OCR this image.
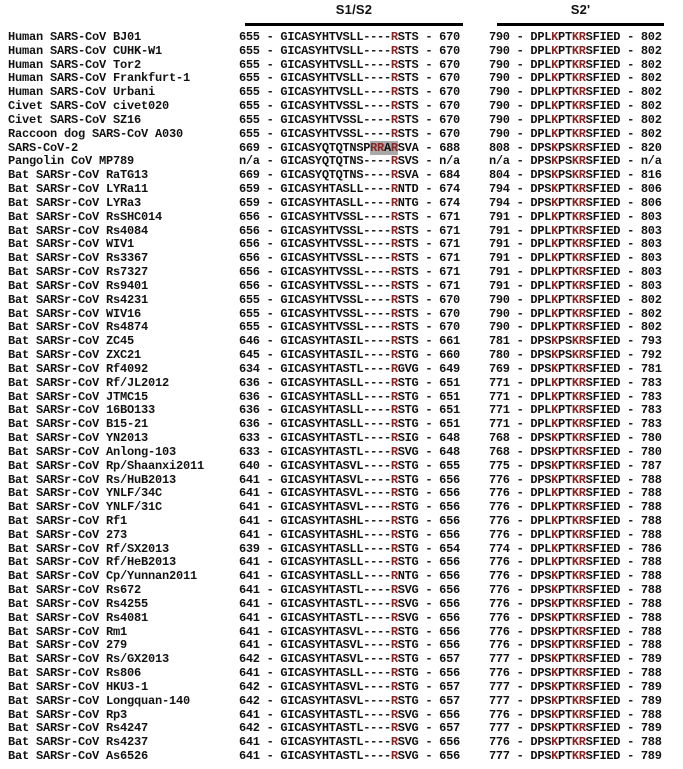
S1/S2	S2'
Human SARS-CoV BJ01	655 - GICASYHTVSLL----RSTS - 670	790 - DPLKPTKRSFIED - 802
Human SARS-CoV CUHK-W1	655 - GICASYHTVSLL----RSTS - 670	790 - DPLKPTKRSFIED - 802
Human SARS-CoV Tor2	655 - GICASYHTVSLL----RSTS - 670	790 - DPLKPTKRSFIED - 802
Human SARS-CoV Frankfurt-1	655 - GICASYHTVSLL----RSTS - 670	790 - DPLKPTKRSFIED - 802
Human SARS-CoV Urbani	655 - GICASYHTVSLL----RSTS - 670	790 - DPLKPTKRSFIED - 802
Civet SARS-CoV civet020	655 - GICASYHTVSSL----RSTS - 670	790 - DPLKPTKRSFIED - 802
Civet SARS-CoV SZ16	655 - GICASYHTVSSL----RSTS - 670	790 - DPLKPTKRSFIED - 802
Raccoon dog SARS-CoV A030	655 - GICASYHTVSSL----RSTS - 670	790 - DPLKPTKRSFIED - 802
SARS-CoV-2	669 - GICASYQTQTNSPRRARSVA - 688	808 - DPSKPSKRSFIED - 820
Pangolin CoV MP789	n/a - GICASYQTQTNS----RSVS - n/a	n/a - DPSKPSKRSFIED - n/a
Bat SARSr-CoV RaTG13	669 - GICASYQTQTNS----RSVA - 684	804 - DPSKPSKRSFIED - 816
Bat SARSr-CoV LYRa11	659 - GICASYHTASLL----RNTD - 674	794 - DPSKPTKRSFIED - 806
Bat SARSr-CoV LYRa3	659 - GICASYHTASLL----RNTG - 674	794 - DPSKPTKRSFIED - 806
Bat SARSr-CoV RsSHC014	656 - GICASYHTVSSL----RSTS - 671	791 - DPLKPTKRSFIED - 803
Bat SARSr-CoV Rs4084	656 - GICASYHTVSSL----RSTS - 671	791 - DPLKPTKRSFIED - 803
Bat SARSr-CoV WIV1	656 - GICASYHTVSSL----RSTS - 671	791 - DPLKPTKRSFIED - 803
Bat SARSr-CoV Rs3367	656 - GICASYHTVSSL----RSTS - 671	791 - DPLKPTKRSFIED - 803
Bat SARSr-CoV Rs7327	656 - GICASYHTVSSL----RSTS - 671	791 - DPLKPTKRSFIED - 803
Bat SARSr-CoV Rs9401	656 - GICASYHTVSSL----RSTS - 671	791 - DPLKPTKRSFIED - 803
Bat SARSr-CoV Rs4231	655 - GICASYHTVSSL----RSTS - 670	790 - DPLKPTKRSFIED - 802
Bat SARSr-CoV WIV16	655 - GICASYHTVSSL----RSTS - 670	790 - DPLKPTKRSFIED - 802
Bat SARSr-CoV Rs4874	655 - GICASYHTVSSL----RSTS - 670	790 - DPLKPTKRSFIED - 802
Bat SARSr-CoV ZC45	646 - GICASYHTASIL----RSTS - 661	781 - DPSKPSKRSFIED - 793
Bat SARSr-CoV ZXC21	645 - GICASYHTASIL----RSTG - 660	780 - DPSKPSKRSFIED - 792
Bat SARSr-CoV Rf4092	634 - GICASYHTASTL----RGVG - 649	769 - DPSKPTKRSFIED - 781
Bat SARSr-CoV Rf/JL2012	636 - GICASYHTASLL----RSTG - 651	771 - DPLKPTKRSFIED - 783
Bat SARSr-CoV JTMC15	636 - GICASYHTASLL----RSTG - 651	771 - DPLKPTKRSFIED - 783
Bat SARSr-CoV 16BO133	636 - GICASYHTASLL----RSTG - 651	771 - DPLKPTKRSFIED - 783
Bat SARSr-CoV B15-21	636 - GICASYHTASLL----RSTG - 651	771 - DPLKPTKRSFIED - 783
Bat SARSr-CoV YN2013	633 - GICASYHTASTL----RSIG - 648	768 - DPSKPTKRSFIED - 780
Bat SARSr-CoV Anlong-103	633 - GICASYHTASTL----RSVG - 648	768 - DPSKPTKRSFIED - 780
Bat SARSr-CoV Rp/Shaanxi2011	640 - GICASYHTASVL----RSTG - 655	775 - DPSKPTKRSFIED - 787
Bat SARSr-CoV Rs/HuB2013	641 - GICASYHTASVL----RSTG - 656	776 - DPSKPTKRSFIED - 788
Bat SARSr-CoV YNLF/34C	641 - GICASYHTASVL----RSTG - 656	776 - DPLKPTKRSFIED - 788
Bat SARSr-CoV YNLF/31C	641 - GICASYHTASVL----RSTG - 656	776 - DPLKPTKRSFIED - 788
Bat SARSr-CoV Rf1	641 - GICASYHTASHL----RSTG - 656	776 - DPLKPTKRSFIED - 788
Bat SARSr-CoV 273	641 - GICASYHTASHL----RSTG - 656	776 - DPLKPTKRSFIED - 788
Bat SARSr-CoV Rf/SX2013	639 - GICASYHTASLL----RSTG - 654	774 - DPLKPTKRSFIED - 786
Bat SARSr-CoV Rf/HeB2013	641 - GICASYHTASLL----RSTG - 656	776 - DPLKPTKRSFIED - 788
Bat SARSr-CoV Cp/Yunnan2011	641 - GICASYHTASLL----RNTG - 656	776 - DPSKPTKRSFIED - 788
Bat SARSr-CoV Rs672	641 - GICASYHTASTL----RSVG - 656	776 - DPSKPTKRSFIED - 788
Bat SARSr-CoV Rs4255	641 - GICASYHTASTL----RSVG - 656	776 - DPSKPTKRSFIED - 788
Bat SARSr-CoV Rs4081	641 - GICASYHTASTL----RSVG - 656	776 - DPSKPTKRSFIED - 788
Bat SARSr-CoV Rm1	641 - GICASYHTASVL----RSTG - 656	776 - DPSKPTKRSFIED - 788
Bat SARSr-CoV 279	641 - GICASYHTASVL----RSTG - 656	776 - DPSKPTKRSFIED - 788
Bat SARSr-CoV Rs/GX2013	642 - GICASYHTASVL----RSTG - 657	777 - DPSKPTKRSFIED - 789
Bat SARSr-CoV Rs806	641 - GICASYHTASLL----RSTG - 656	776 - DPSKPTKRSFIED - 788
Bat SARSr-CoV HKU3-1	642 - GICASYHTASVL----RSTG - 657	777 - DPSKPTKRSFIED - 789
Bat SARSr-CoV Longquan-140	642 - GICASYHTASVL----RSTG - 657	777 - DPSKPTKRSFIED - 789
Bat SARSr-CoV Rp3	641 - GICASYHTASTL----RSVG - 656	776 - DPSKPTKRSFIED - 788
Bat SARSr-CoV Rs4247	642 - GICASYHTASTL----RSVG - 657	777 - DPSKPTKRSFIED - 789
Bat SARSr-CoV Rs4237	641 - GICASYHTASTL----RSVG - 656	776 - DPSKPTKRSFIED - 788
Bat SARSr-CoV As6526	641 - GICASYHTASTL----RSVG - 656	777 - DPSKPTKRSFIED - 789
